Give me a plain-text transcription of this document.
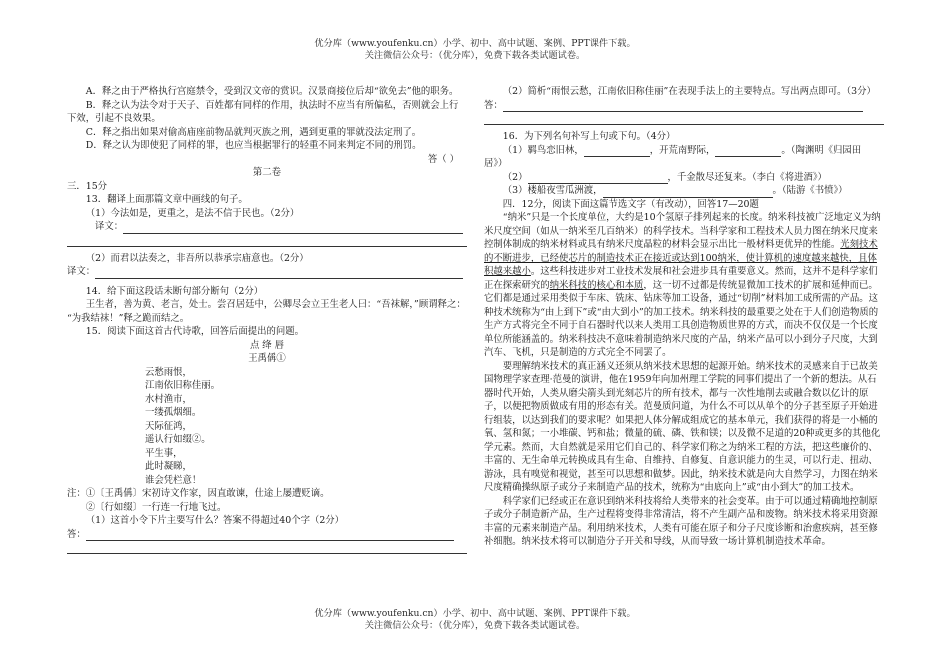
优分库（www.youfenku.cn）小学、初中、高中试题、案例、PPT课件下载。
关注微信公众号：（优分库），免费下载各类试题试卷。
A．释之由于严格执行宫庭禁令，受到汉文帝的赏识。汉景商接位后却“欲免去”他的职务。
B．释之认为法令对于天子、百姓都有同样的作用，执法时不应当有所偏私，否则就会上行
下效，引起不良效果。
C．释之指出如果对偷高庙座前物品就判灭族之刑，遇到更重的罪就没法定刑了。
D．释之认为即使犯了同样的罪，也应当根据罪行的轻重不同来判定不同的刑罚。
答（ ）
第二卷
三．15分
13．翻译上面那篇文章中画线的句子。
（1）今法如是，更重之，是法不信于民也。（2分）
译文：
（2）而君以法奏之，非吾所以恭承宗庙意也。（2分）
译文：
14．给下面这段话未断句部分断句（2分）
王生者，善为黄、老言，处士。尝召居廷中，公卿尽会立王生老人曰：“吾袜解，”顾谓释之：
“为我结袜！”释之跪而结之。
15．阅读下面这首古代诗歌，回答后面提出的问题。
点 绛 唇
王禹偁①
云愁雨恨，
江南依旧称佳丽。
水村渔市，
一缕孤烟细。
天际征鸿，
遥认行如缀②。
平生事，
此时凝睇，
谁会凭栏意！
注：①〔王禹偁〕宋初诗文作家，因直敢谏，仕途上屡遭贬谪。
②〔行如缀〕一行连一行地飞过。
（1）这首小令下片主要写什么？答案不得超过40个字（2分）
答：
（2）简析“雨恨云愁，江南依旧称佳丽”在表现手法上的主要特点。写出两点即可。（3分）
答：
16．为下列名句补写上句或下句。（4分）
（1）羁鸟恋旧林，	，开荒南野际，	。（陶渊明《归园田
居》）
（2）	，千金散尽还复来。（李白《将进酒》）
（3）楼船夜雪瓜洲渡，	。（陆游《书愤》）
四．12分，阅读下面这篇节选文字（有改动），回答17—20题
“纳米”只是一个长度单位，大约是10个氢原子排列起来的长度。纳米科技被广泛地定义为纳米尺度空间（如从一纳米至几百纳米）的科学技术。当科学家和工程技术人员力图在纳米尺度来控制体制成的纳米材料或具有纳米尺度晶粒的材料会显示出比一般材料更优异的性能。光刻技术的不断进步，已经使芯片的制造技术正在接近或达到100纳米，使计算机的速度越来越快，且体积越来越小。这些科技进步对工业技术发展和社会进步具有重要意义。然而，这并不是科学家们正在探索研究的纳米科技的核心和本质，这一切不过都是传统显微加工技术的扩展和延伸而已。它们都是通过采用类似于车床、铣床、钻床等加工设备，通过“切削”材料加工成所需的产品。这种技术统称为“由上到下”或“由大到小”的加工技术。纳米科技的最重要之处在于人们创造物质的生产方式将完全不同于自石器时代以来人类用工具创造物质世界的方式，而决不仅仅是一个长度单位所能涵盖的。纳米科技决不意味着制造纳米尺度的产品，纳米产品可以小到分子尺度，大到汽车、飞机，只是制造的方式完全不同罢了。
要理解纳米技术的真正涵义还须从纳米技术思想的起源开始。纳米技术的灵感来自于已故美国物理学家查理·范曼的演讲，他在1959年向加州理工学院的同事们提出了一个新的想法。从石器时代开始，人类从磨尖箭头到光刻芯片的所有技术，都与一次性地削去或融合数以亿计的原子，以便把物质做成有用的形态有关。范曼质问道，为什么不可以从单个的分子甚至原子开始进行组装，以达到我们的要求呢？如果把人体分解成组成它的基本单元，我们获得的将是一小桶的氧、氢和氮；一小堆碳、钙和盐；微量的硫、磷、铁和镁；以及微不足道的20种或更多的其他化学元素。然而，大自然就是采用它们自己的、科学家们称之为纳米工程的方法，把这些廉价的、丰富的、无生命单元转换成具有生命、自维持、自修复、自意识能力的生灵，可以行走、扭动、游泳，具有嗅觉和视觉，甚至可以思想和做梦。因此，纳米技术就是向大自然学习，力图在纳米尺度精确操纵原子或分子来制造产品的技术，统称为“由底向上”或“由小到大”的加工技术。
科学家们已经或正在意识到纳米科技将给人类带来的社会变革。由于可以通过精确地控制原子或分子制造新产品，生产过程将变得非常清洁，将不产生副产品和废物。纳米技术将采用资源丰富的元素来制造产品。利用纳米技术，人类有可能在原子和分子尺度诊断和治愈疾病，甚至修补细胞。纳米技术将可以制造分子开关和导线，从而导致一场计算机制造技术革命。
优分库（www.youfenku.cn）小学、初中、高中试题、案例、PPT课件下载。
关注微信公众号：（优分库），免费下载各类试题试卷。
